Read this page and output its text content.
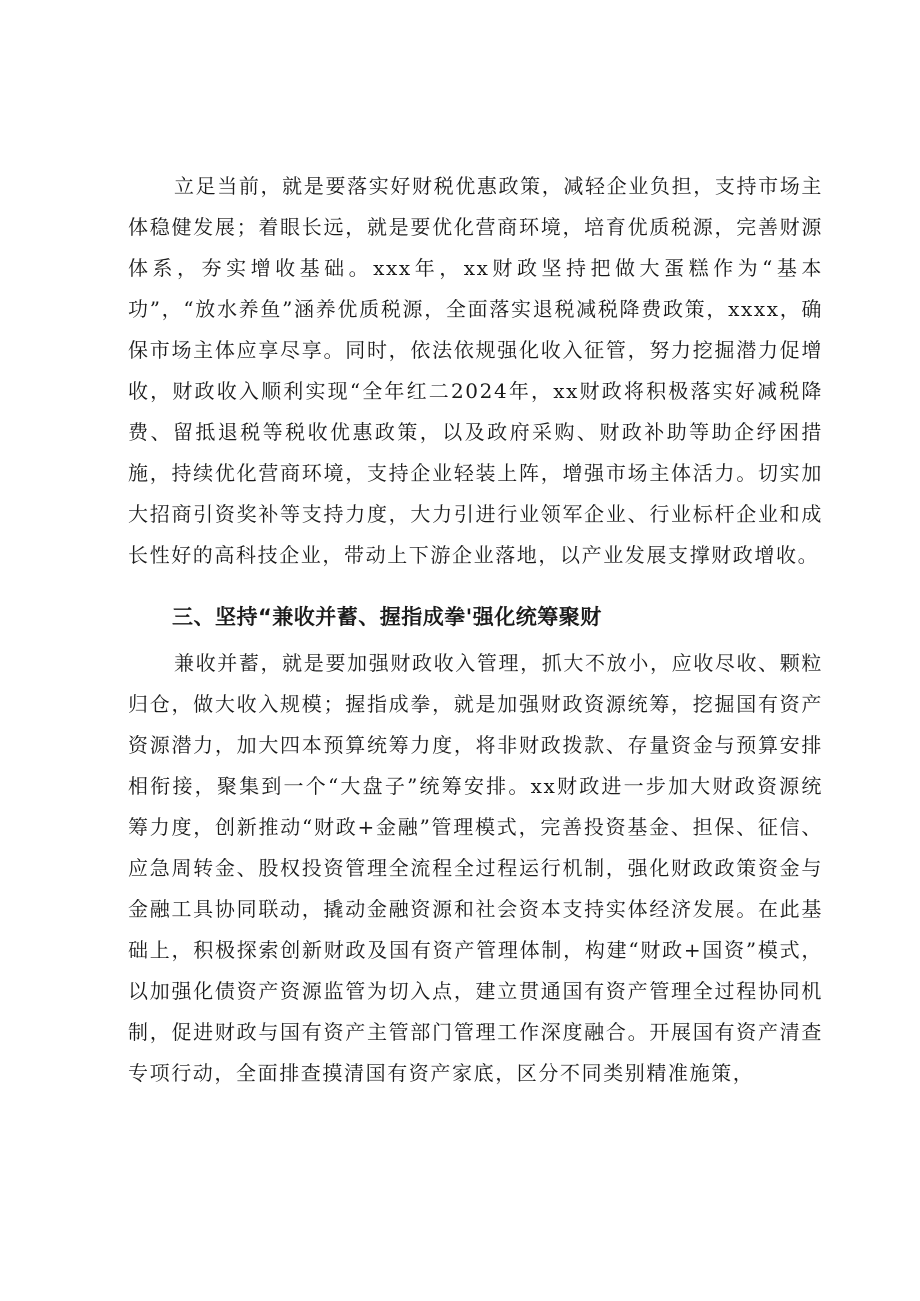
立足当前，就是要落实好财税优惠政策，减轻企业负担，支持市场主体稳健发展；着眼长远，就是要优化营商环境，培育优质税源，完善财源体系，夯实增收基础。xxx年，xx财政坚持把做大蛋糕作为“基本功”，“放水养鱼”涵养优质税源，全面落实退税减税降费政策，xxxx，确保市场主体应享尽享。同时，依法依规强化收入征管，努力挖掘潜力促增收，财政收入顺利实现“全年红二2024年，xx财政将积极落实好减税降费、留抵退税等税收优惠政策，以及政府采购、财政补助等助企纾困措施，持续优化营商环境，支持企业轻装上阵，增强市场主体活力。切实加大招商引资奖补等支持力度，大力引进行业领军企业、行业标杆企业和成长性好的高科技企业，带动上下游企业落地，以产业发展支撑财政增收。

三、坚持“兼收并蓄、握指成拳'强化统筹聚财

兼收并蓄，就是要加强财政收入管理，抓大不放小，应收尽收、颗粒归仓，做大收入规模；握指成拳，就是加强财政资源统筹，挖掘国有资产资源潜力，加大四本预算统筹力度，将非财政拨款、存量资金与预算安排相衔接，聚集到一个“大盘子”统筹安排。xx财政进一步加大财政资源统筹力度，创新推动“财政+金融”管理模式，完善投资基金、担保、征信、应急周转金、股权投资管理全流程全过程运行机制，强化财政政策资金与金融工具协同联动，撬动金融资源和社会资本支持实体经济发展。在此基础上，积极探索创新财政及国有资产管理体制，构建“财政+国资”模式，以加强化债资产资源监管为切入点，建立贯通国有资产管理全过程协同机制，促进财政与国有资产主管部门管理工作深度融合。开展国有资产清查专项行动，全面排查摸清国有资产家底，区分不同类别精准施策，
